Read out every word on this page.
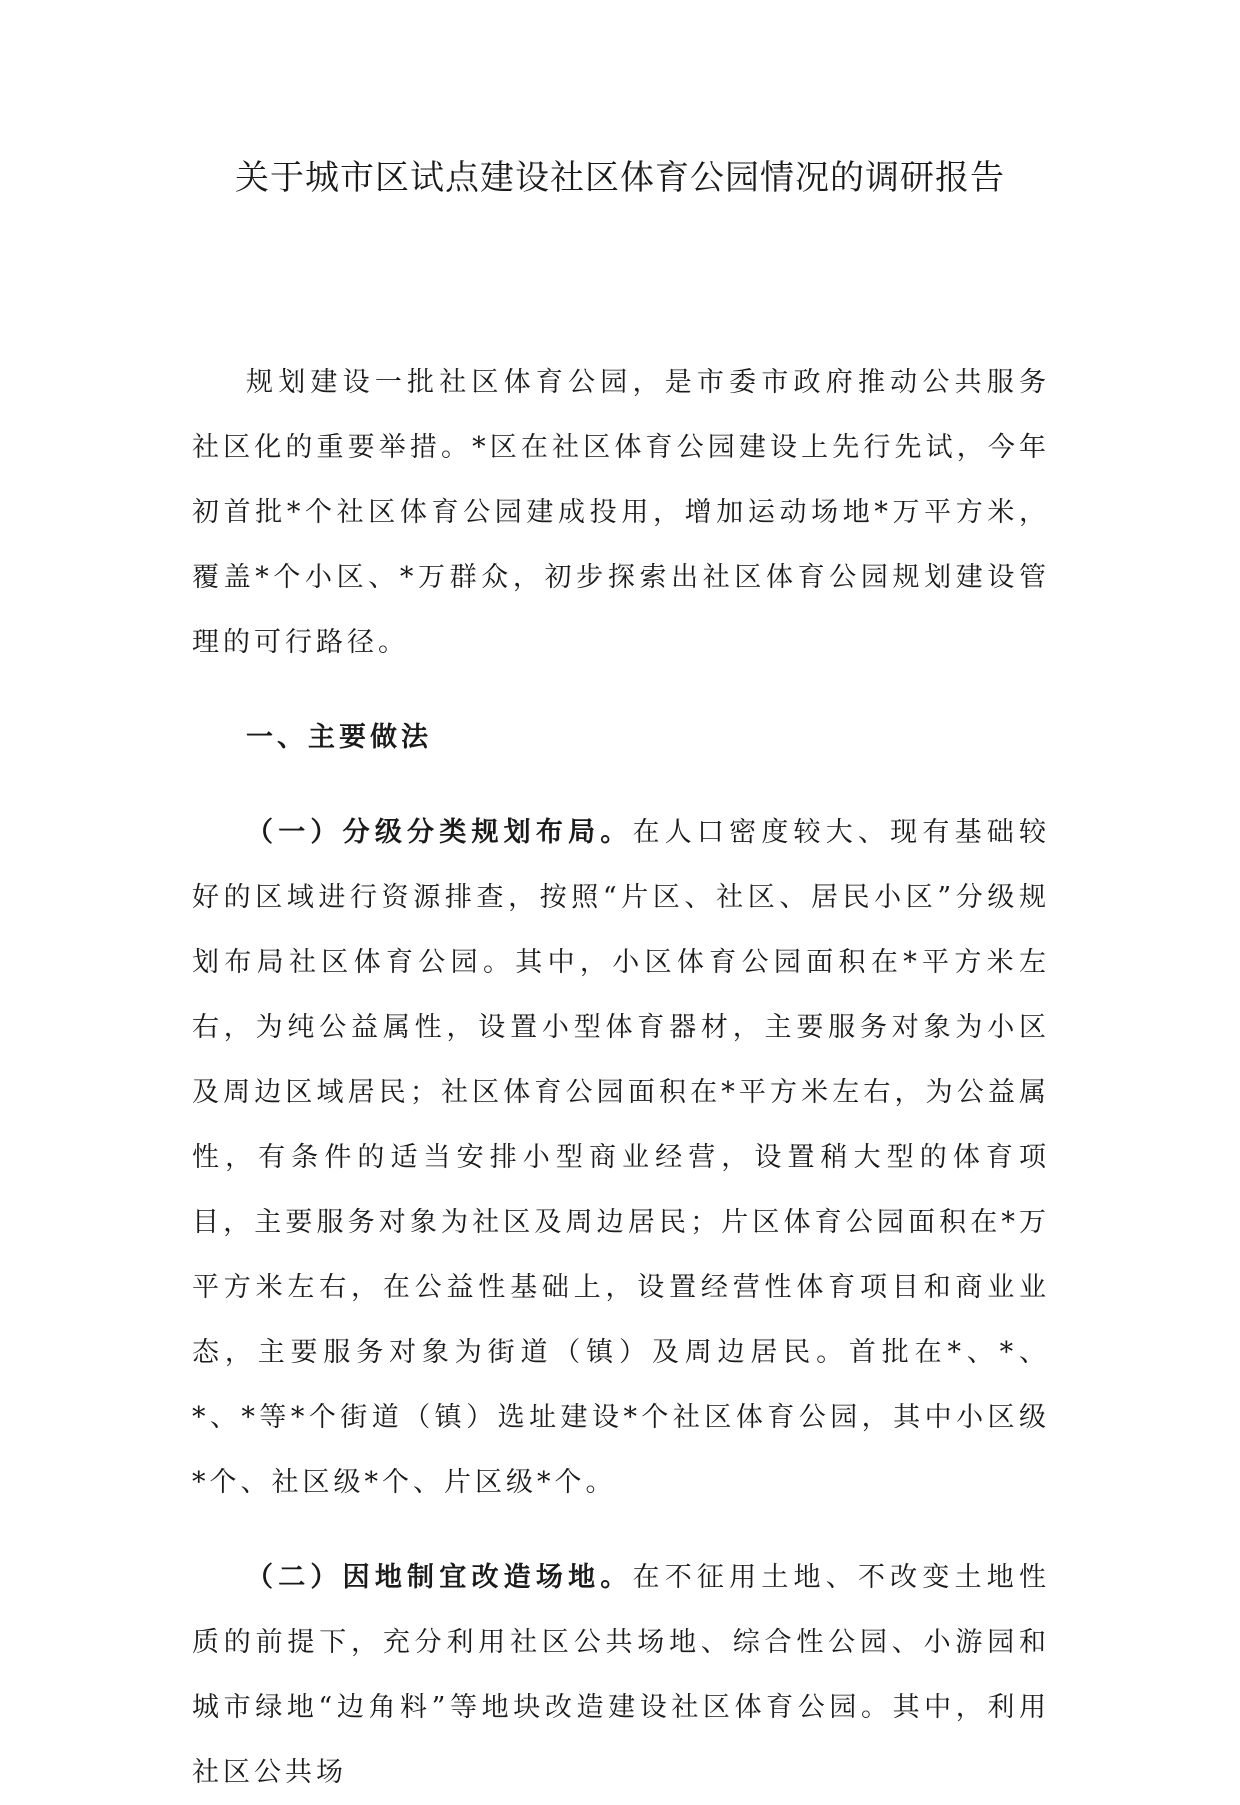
关于城市区试点建设社区体育公园情况的调研报告

规划建设一批社区体育公园，是市委市政府推动公共服务社区化的重要举措。*区在社区体育公园建设上先行先试，今年初首批*个社区体育公园建成投用，增加运动场地*万平方米，覆盖*个小区、*万群众，初步探索出社区体育公园规划建设管理的可行路径。

一、主要做法

（一）分级分类规划布局。在人口密度较大、现有基础较好的区域进行资源排查，按照“片区、社区、居民小区”分级规划布局社区体育公园。其中，小区体育公园面积在*平方米左右，为纯公益属性，设置小型体育器材，主要服务对象为小区及周边区域居民；社区体育公园面积在*平方米左右，为公益属性，有条件的适当安排小型商业经营，设置稍大型的体育项目，主要服务对象为社区及周边居民；片区体育公园面积在*万平方米左右，在公益性基础上，设置经营性体育项目和商业业态，主要服务对象为街道（镇）及周边居民。首批在*、*、*、*等*个街道（镇）选址建设*个社区体育公园，其中小区级*个、社区级*个、片区级*个。

（二）因地制宜改造场地。在不征用土地、不改变土地性质的前提下，充分利用社区公共场地、综合性公园、小游园和城市绿地“边角料”等地块改造建设社区体育公园。其中，利用社区公共场
